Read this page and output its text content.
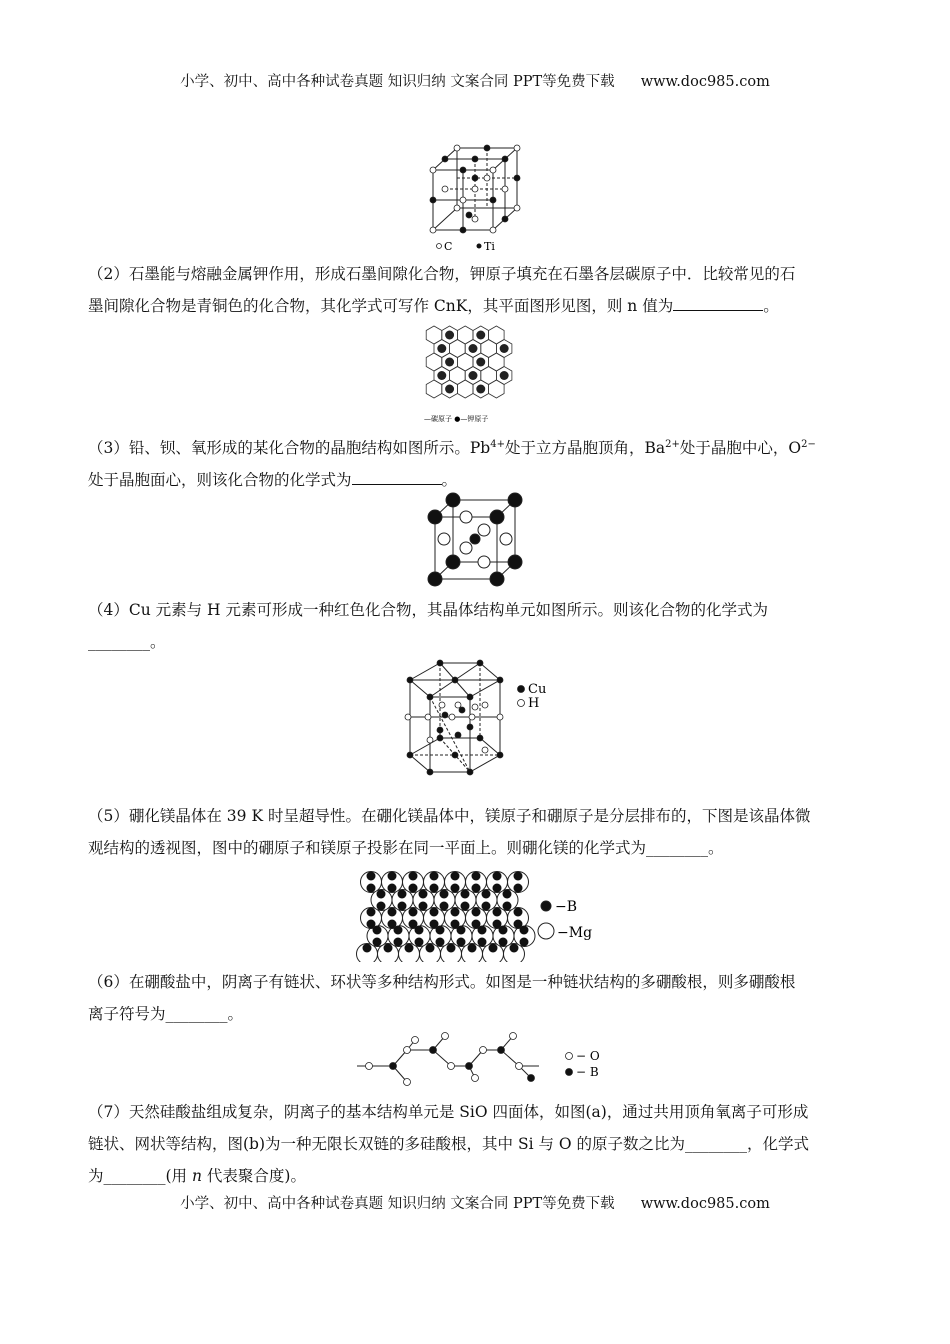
小学、初中、高中各种试卷真题 知识归纳 文案合同 PPT等免费下载 www.doc985.com
C	Ti
（2）石墨能与熔融金属钾作用，形成石墨间隙化合物，钾原子填充在石墨各层碳原子中．比较常见的石
墨间隙化合物是青铜色的化合物，其化学式可写作 CnK，其平面图形见图，则 n 值为	。
—碳原子 ●—钾原子
（3）铅、钡、氧形成的某化合物的晶胞结构如图所示。$Pb^{4+}$处于立方晶胞顶角，$Ba^{2+}$处于晶胞中心，$O^{2-}$
处于晶胞面心，则该化合物的化学式为	。
（4）Cu 元素与 H 元素可形成一种红色化合物，其晶体结构单元如图所示。则该化合物的化学式为
________。
Cu
H
（5）硼化镁晶体在 39 K 时呈超导性。在硼化镁晶体中，镁原子和硼原子是分层排布的，下图是该晶体微
观结构的透视图，图中的硼原子和镁原子投影在同一平面上。则硼化镁的化学式为________。
−B
−Mg
（6）在硼酸盐中，阴离子有链状、环状等多种结构形式。如图是一种链状结构的多硼酸根，则多硼酸根
离子符号为________。
− O
− B
（7）天然硅酸盐组成复杂，阴离子的基本结构单元是 SiO 四面体，如图(a)，通过共用顶角氧离子可形成
链状、网状等结构，图(b)为一种无限长双链的多硅酸根，其中 Si 与 O 的原子数之比为________，化学式
为________(用 n 代表聚合度)。
小学、初中、高中各种试卷真题 知识归纳 文案合同 PPT等免费下载 www.doc985.com
